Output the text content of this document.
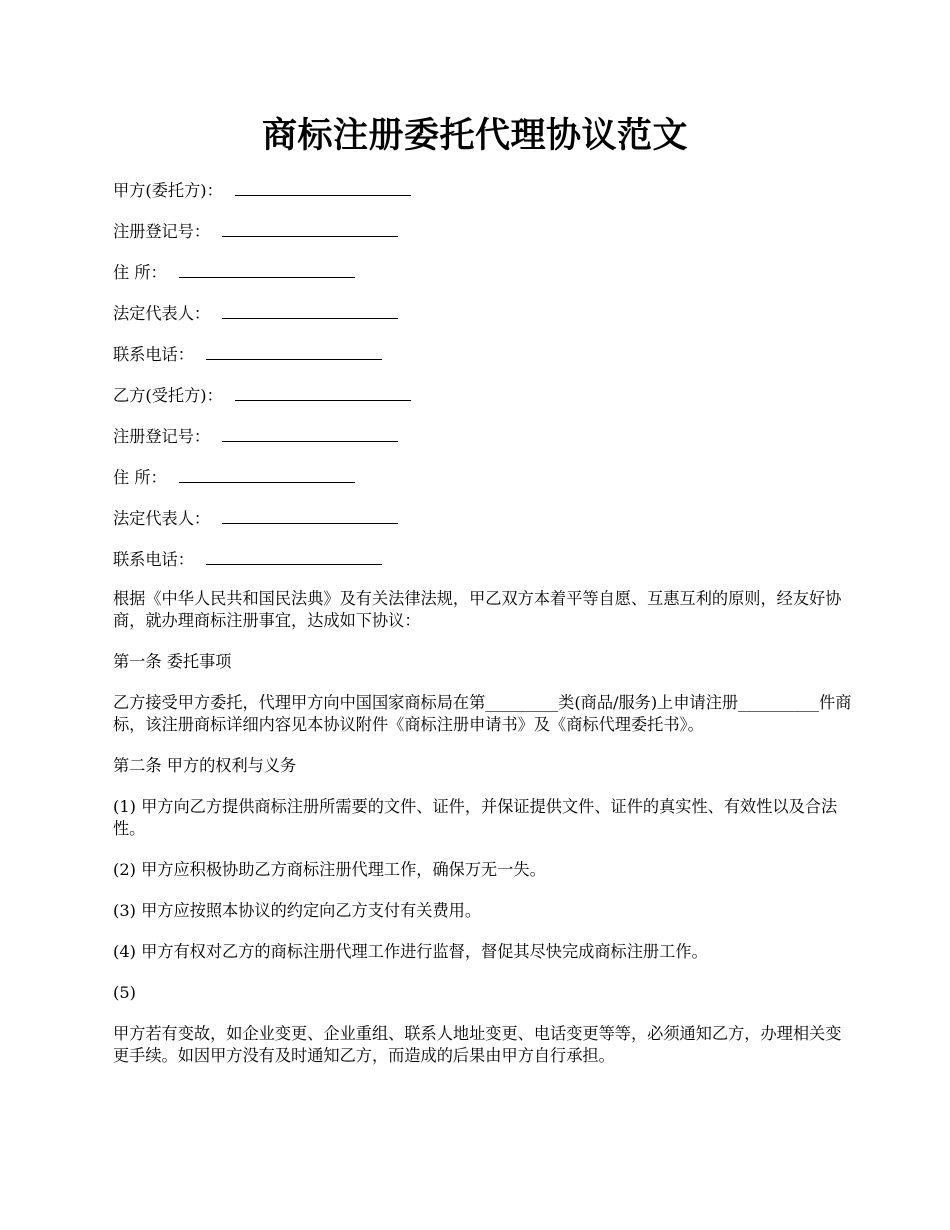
商标注册委托代理协议范文
甲方(委托方)：
注册登记号：
住 所：
法定代表人：
联系电话：
乙方(受托方)：
注册登记号：
住 所：
法定代表人：
联系电话：

根据《中华人民共和国民法典》及有关法律法规，甲乙双方本着平等自愿、互惠互利的原则，经友好协商，就办理商标注册事宜，达成如下协议：

第一条 委托事项

乙方接受甲方委托，代理甲方向中国国家商标局在第_________类(商品/服务)上申请注册__________件商标，该注册商标详细内容见本协议附件《商标注册申请书》及《商标代理委托书》。

第二条 甲方的权利与义务

(1) 甲方向乙方提供商标注册所需要的文件、证件，并保证提供文件、证件的真实性、有效性以及合法性。

(2) 甲方应积极协助乙方商标注册代理工作，确保万无一失。

(3) 甲方应按照本协议的约定向乙方支付有关费用。

(4) 甲方有权对乙方的商标注册代理工作进行监督，督促其尽快完成商标注册工作。

(5)

甲方若有变故，如企业变更、企业重组、联系人地址变更、电话变更等等，必须通知乙方，办理相关变更手续。如因甲方没有及时通知乙方，而造成的后果由甲方自行承担。
